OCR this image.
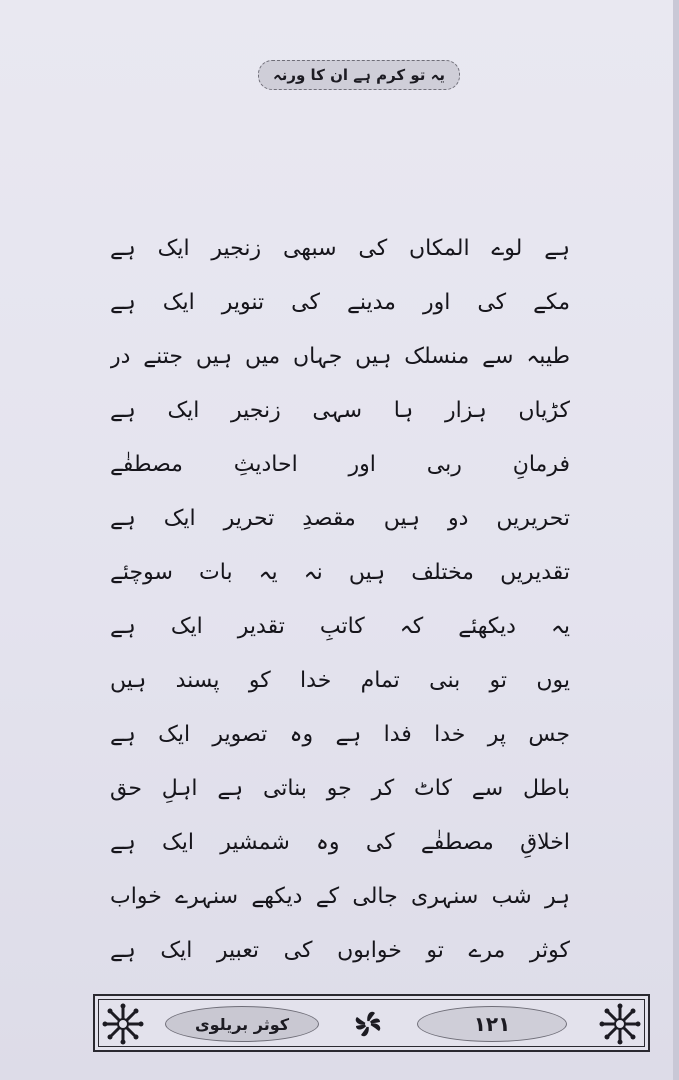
یہ تو کرم ہے ان کا ورنہ
ہے لوے المکاں کی سبھی زنجیر ایک ہے
مکے کی اور مدینے کی تنویر ایک ہے
طیبہ سے منسلک ہیں جہاں میں ہیں جتنے در
کڑیاں ہزار ہا سہی زنجیر ایک ہے
فرمانِ ربی اور احادیثِ مصطفٰے
تحریریں دو ہیں مقصدِ تحریر ایک ہے
تقدیریں مختلف ہیں نہ یہ بات سوچئے
یہ دیکھئے کہ کاتبِ تقدیر ایک ہے
یوں تو بنی تمام خدا کو پسند ہیں
جس پر خدا فدا ہے وہ تصویر ایک ہے
باطل سے کاٹ کر جو بناتی ہے اہلِ حق
اخلاقِ مصطفٰے کی وہ شمشیر ایک ہے
ہر شب سنہری جالی کے دیکھے سنہرے خواب
کوثر مرے تو خوابوں کی تعبیر ایک ہے
کوثر بریلوی	۱۲۱
